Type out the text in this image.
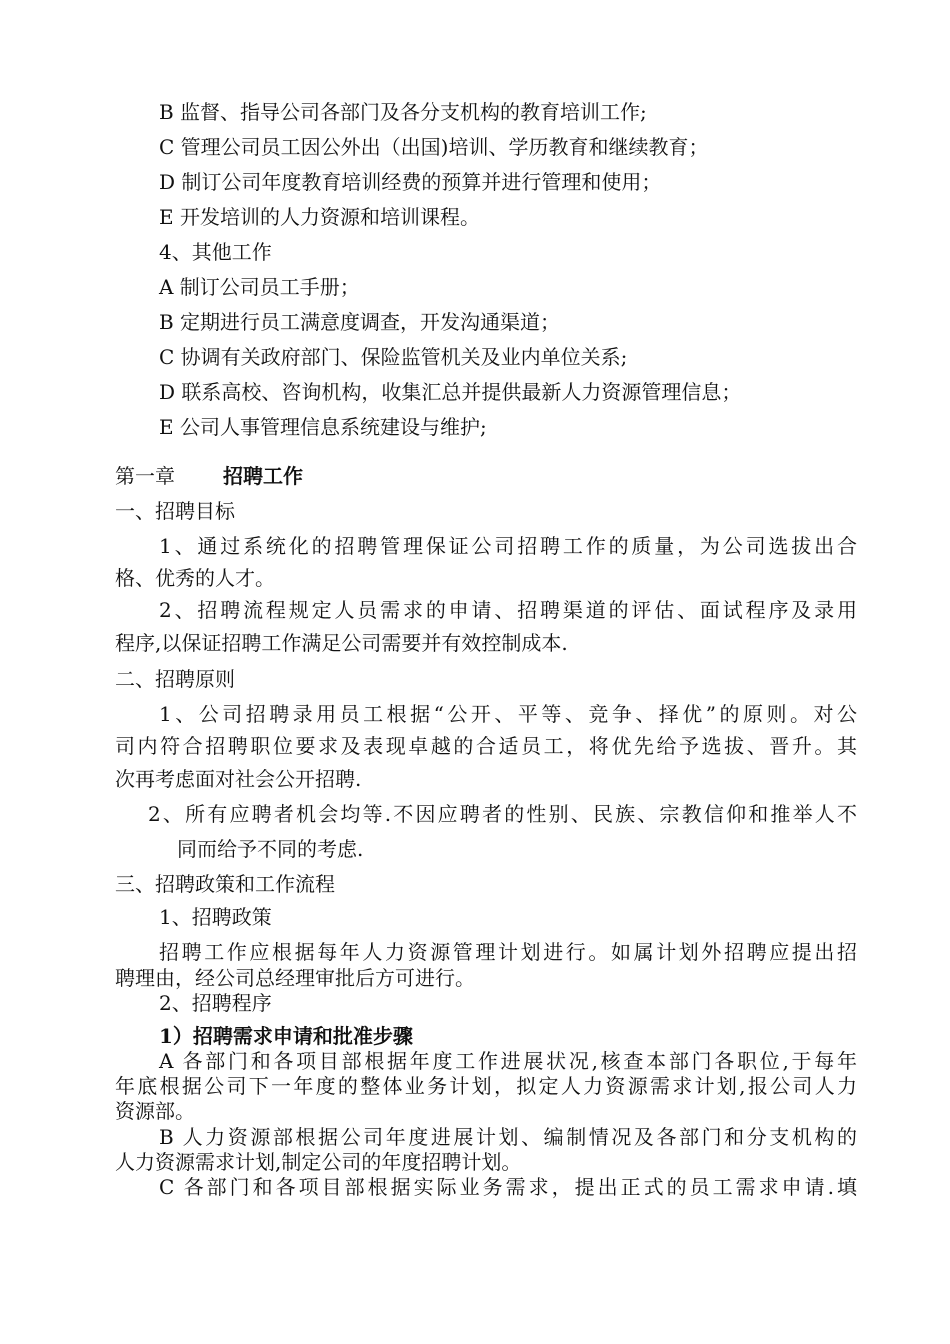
B 监督、指导公司各部门及各分支机构的教育培训工作;
C 管理公司员工因公外出（出国)培训、学历教育和继续教育；
D 制订公司年度教育培训经费的预算并进行管理和使用；
E 开发培训的人力资源和培训课程。
4、其他工作
A 制订公司员工手册；
B 定期进行员工满意度调查，开发沟通渠道；
C 协调有关政府部门、保险监管机关及业内单位关系;
D 联系高校、咨询机构，收集汇总并提供最新人力资源管理信息；
E 公司人事管理信息系统建设与维护;
第一章 招聘工作
一、招聘目标
1、通过系统化的招聘管理保证公司招聘工作的质量，为公司选拔出合
格、优秀的人才。
2、招聘流程规定人员需求的申请、招聘渠道的评估、面试程序及录用
程序,以保证招聘工作满足公司需要并有效控制成本.
二、招聘原则
1、公司招聘录用员工根据“公开、平等、竞争、择优”的原则。对公
司内符合招聘职位要求及表现卓越的合适员工，将优先给予选拔、晋升。其
次再考虑面对社会公开招聘.
2、所有应聘者机会均等.不因应聘者的性别、民族、宗教信仰和推举人不
同而给予不同的考虑.
三、招聘政策和工作流程
1、招聘政策
招聘工作应根据每年人力资源管理计划进行。如属计划外招聘应提出招
聘理由，经公司总经理审批后方可进行。
2、招聘程序
1）招聘需求申请和批准步骤
A 各部门和各项目部根据年度工作进展状况,核查本部门各职位,于每年
年底根据公司下一年度的整体业务计划，拟定人力资源需求计划,报公司人力
资源部。
B 人力资源部根据公司年度进展计划、编制情况及各部门和分支机构的
人力资源需求计划,制定公司的年度招聘计划。
C 各部门和各项目部根据实际业务需求，提出正式的员工需求申请.填
